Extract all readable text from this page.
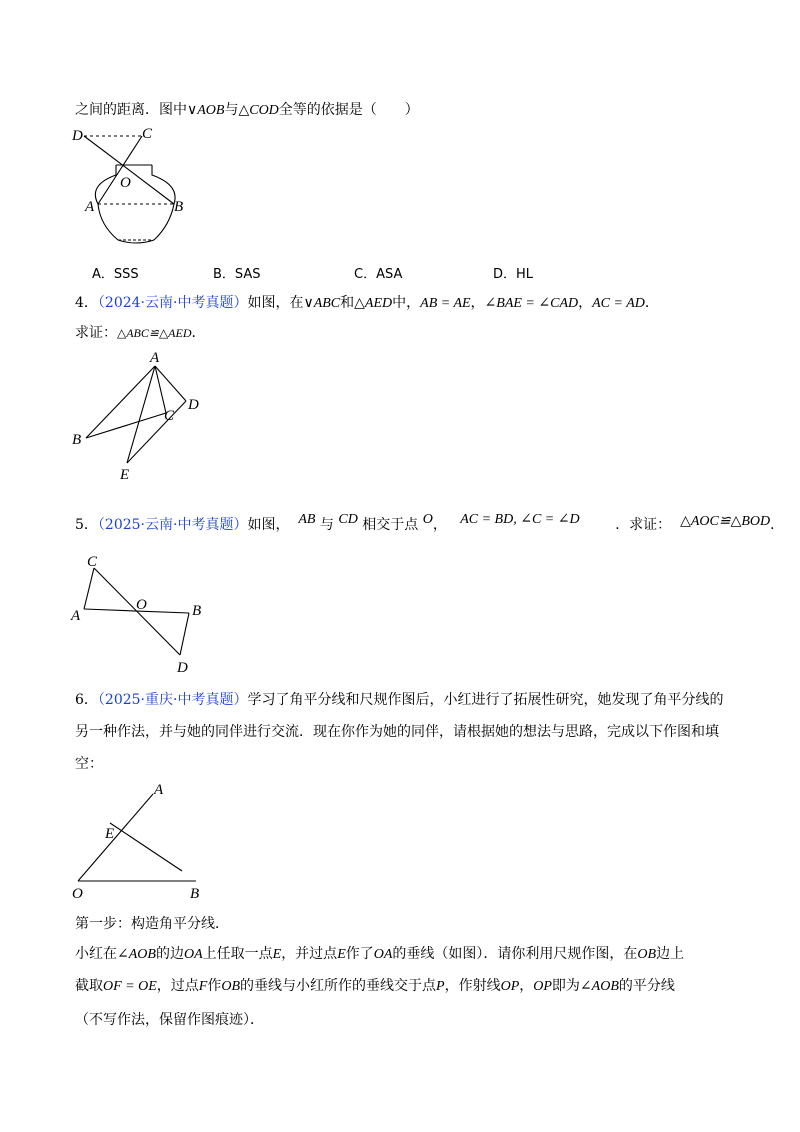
之间的距离．图中∨AOB与△COD全等的依据是（　　）
D	C
O
A	B
A．SSS	B．SAS	C．ASA	D．HL
4．（2024·云南·中考真题）如图，在∨ABC和△AED中，AB = AE，∠BAE = ∠CAD，AC = AD．
求证：△ABC≌△AED．
A
B
C
D
E
5．（2025·云南·中考真题）如图， AB 与 CD 相交于点 O， AC = BD, ∠C = ∠D	．求证： △AOC≌△BOD．
C
A
O	B
D
6．（2025·重庆·中考真题）学习了角平分线和尺规作图后，小红进行了拓展性研究，她发现了角平分线的
另一种作法，并与她的同伴进行交流．现在你作为她的同伴，请根据她的想法与思路，完成以下作图和填
空：
A
E
O	B
第一步：构造角平分线．
小红在∠AOB的边OA上任取一点E，并过点E作了OA的垂线（如图）．请你利用尺规作图，在OB边上
截取OF = OE，过点F作OB的垂线与小红所作的垂线交于点P，作射线OP，OP即为∠AOB的平分线
（不写作法，保留作图痕迹）．
